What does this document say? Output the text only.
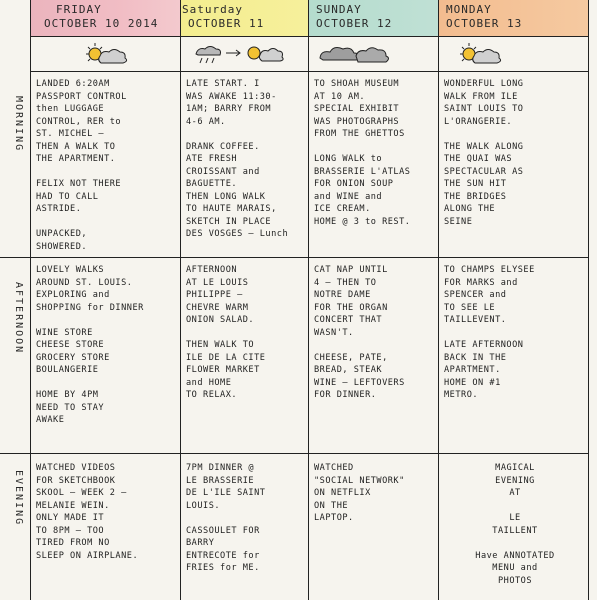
FRIDAY
OCTOBER 10 2014
Saturday
OCTOBER 11
SUNDAY
OCTOBER 12
MONDAY
OCTOBER 13
MORNING
AFTERNOON
EVENING
LANDED 6:20AM
PASSPORT CONTROL
then LUGGAGE
CONTROL, RER to
ST. MICHEL —
THEN A WALK TO
THE APARTMENT.

FELIX NOT THERE
HAD TO CALL
ASTRIDE.

UNPACKED,
SHOWERED.
LATE START. I
WAS AWAKE 11:30-
1AM; BARRY FROM
4-6 AM.

DRANK COFFEE.
ATE FRESH
CROISSANT and
BAGUETTE.
THEN LONG WALK
TO HAUTE MARAIS,
SKETCH IN PLACE
DES VOSGES — Lunch
TO SHOAH MUSEUM
AT 10 AM.
SPECIAL EXHIBIT
WAS PHOTOGRAPHS
FROM THE GHETTOS

LONG WALK to
BRASSERIE L'ATLAS
FOR ONION SOUP
and WINE and
ICE CREAM.
HOME @ 3 to REST.
WONDERFUL LONG
WALK FROM ILE
SAINT LOUIS TO
L'ORANGERIE.

THE WALK ALONG
THE QUAI WAS
SPECTACULAR AS
THE SUN HIT
THE BRIDGES
ALONG THE
SEINE
LOVELY WALKS
AROUND ST. LOUIS.
EXPLORING and
SHOPPING for DINNER

WINE STORE
CHEESE STORE
GROCERY STORE
BOULANGERIE

HOME BY 4PM
NEED TO STAY
AWAKE
AFTERNOON
AT LE LOUIS
PHILIPPE —
CHEVRE WARM
ONION SALAD.

THEN WALK TO
ILE DE LA CITE
FLOWER MARKET
and HOME
TO RELAX.
CAT NAP UNTIL
4 — THEN TO
NOTRE DAME
FOR THE ORGAN
CONCERT THAT
WASN'T.

CHEESE, PATE,
BREAD, STEAK
WINE — LEFTOVERS
FOR DINNER.
TO CHAMPS ELYSEE
FOR MARKS and
SPENCER and
TO SEE LE
TAILLEVENT.

LATE AFTERNOON
BACK IN THE
APARTMENT.
HOME ON #1
METRO.
WATCHED VIDEOS
FOR SKETCHBOOK
SKOOL — WEEK 2 —
MELANIE WEIN.
ONLY MADE IT
TO 8PM — TOO
TIRED FROM NO
SLEEP ON AIRPLANE.
7PM DINNER @
LE BRASSERIE
DE L'ILE SAINT
LOUIS.

CASSOULET FOR
BARRY
ENTRECOTE for
FRIES for ME.
WATCHED
"SOCIAL NETWORK"
ON NETFLIX
ON THE
LAPTOP.
MAGICAL
EVENING
AT

LE
TAILLENT

Have ANNOTATED
MENU and
PHOTOS
